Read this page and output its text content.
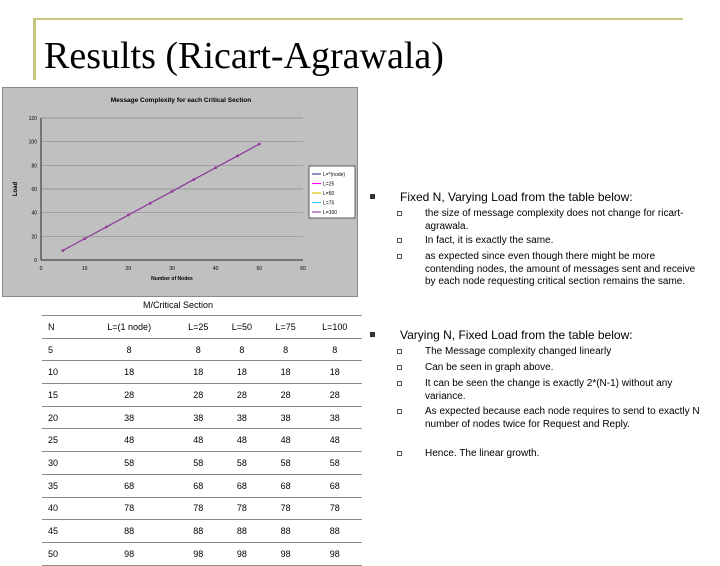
Results (Ricart-Agrawala)
Message Complexity for each Critical Section
0
20
40
60
80
100
120
0	10	20	30	40	50	60
Number of Nodes
Load
L=*(node)
L=25
L=50
L=75
L=100
M/Critical Section
N	L=(1 node)	L=25	L=50	L=75	L=100
5	8	8	8	8	8
10	18	18	18	18	18
15	28	28	28	28	28
20	38	38	38	38	38
25	48	48	48	48	48
30	58	58	58	58	58
35	68	68	68	68	68
40	78	78	78	78	78
45	88	88	88	88	88
50	98	98	98	98	98
Fixed N, Varying Load from the table below:
the size of message complexity does not change for ricart-agrawala.
In fact, it is exactly the same.
as expected since even though there might be more contending nodes, the amount of messages sent and receive by each node requesting critical section remains the same.
Varying N, Fixed Load from the table below:
The Message complexity changed linearly
Can be seen in graph above.
It can be seen the change is exactly 2*(N-1) without any variance.
As expected because each node requires to send to exactly N number of nodes twice for Request and Reply.
Hence. The linear growth.
